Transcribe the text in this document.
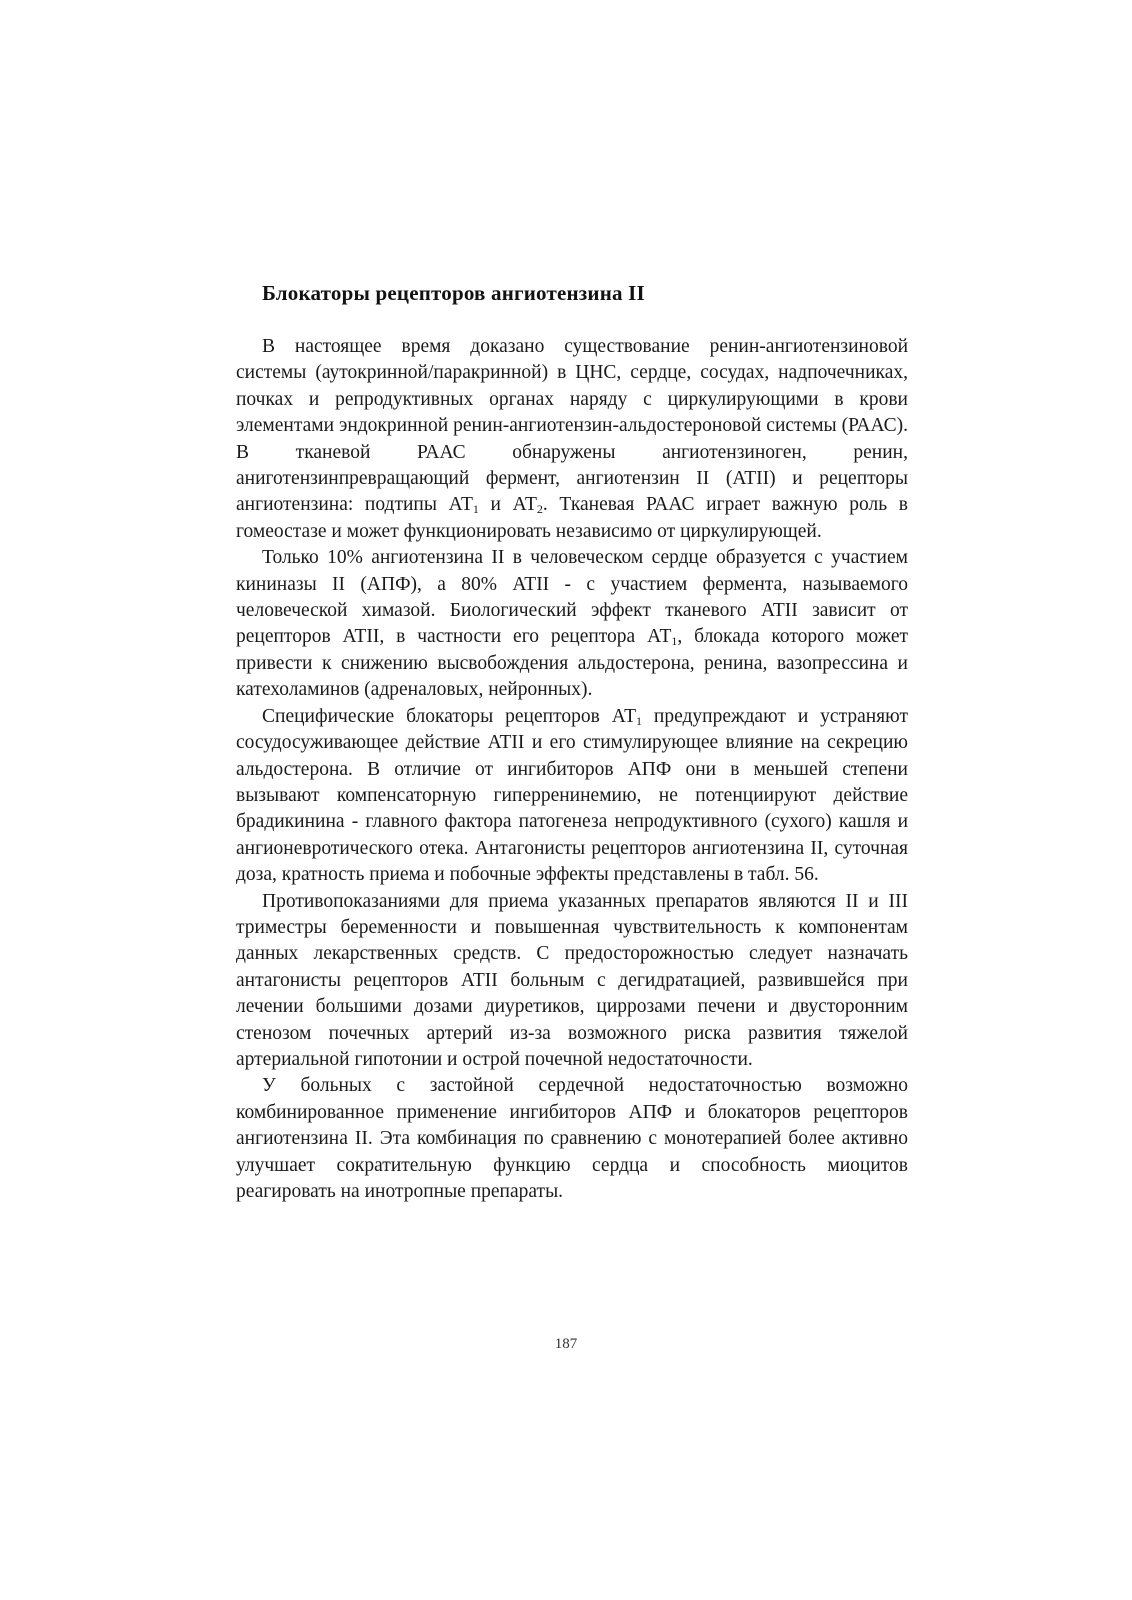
Блокаторы рецепторов ангиотензина II

В настоящее время доказано существование ренин-ангиотензиновой системы (аутокринной/паракринной) в ЦНС, сердце, сосудах, надпочечниках, почках и репродуктивных органах наряду с циркулирующими в крови элементами эндокринной ренин-ангиотензин-альдостероновой системы (РААС). В тканевой РААС обнаружены ангиотензиноген, ренин, аниготензинпревращающий фермент, ангиотензин II (ATII) и рецепторы ангиотензина: подтипы $АТ_1$ и $АТ_2$. Тканевая РААС играет важную роль в гомеостазе и может функционировать независимо от циркулирующей.

Только 10% ангиотензина II в человеческом сердце образуется с участием кининазы II (АПФ), а 80% ATII - с участием фермента, называемого человеческой химазой. Биологический эффект тканевого ATII зависит от рецепторов ATII, в частности его рецептора $АТ_1$, блокада которого может привести к снижению высвобождения альдостерона, ренина, вазопрессина и катехоламинов (адреналовых, нейронных).

Специфические блокаторы рецепторов $АТ_1$ предупреждают и устраняют сосудосуживающее действие ATII и его стимулирующее влияние на секрецию альдостерона. В отличие от ингибиторов АПФ они в меньшей степени вызывают компенсаторную гиперренинемию, не потенциируют действие брадикинина - главного фактора патогенеза непродуктивного (сухого) кашля и ангионевротического отека. Антагонисты рецепторов ангиотензина II, суточная доза, кратность приема и побочные эффекты представлены в табл. 56.

Противопоказаниями для приема указанных препаратов являются II и III триместры беременности и повышенная чувствительность к компонентам данных лекарственных средств. С предосторожностью следует назначать антагонисты рецепторов ATII больным с дегидратацией, развившейся при лечении большими дозами диуретиков, циррозами печени и двусторонним стенозом почечных артерий из-за возможного риска развития тяжелой артериальной гипотонии и острой почечной недостаточности.

У больных с застойной сердечной недостаточностью возможно комбинированное применение ингибиторов АПФ и блокаторов рецепторов ангиотензина II. Эта комбинация по сравнению с монотерапией более активно улучшает сократительную функцию сердца и способность миоцитов реагировать на инотропные препараты.

187
